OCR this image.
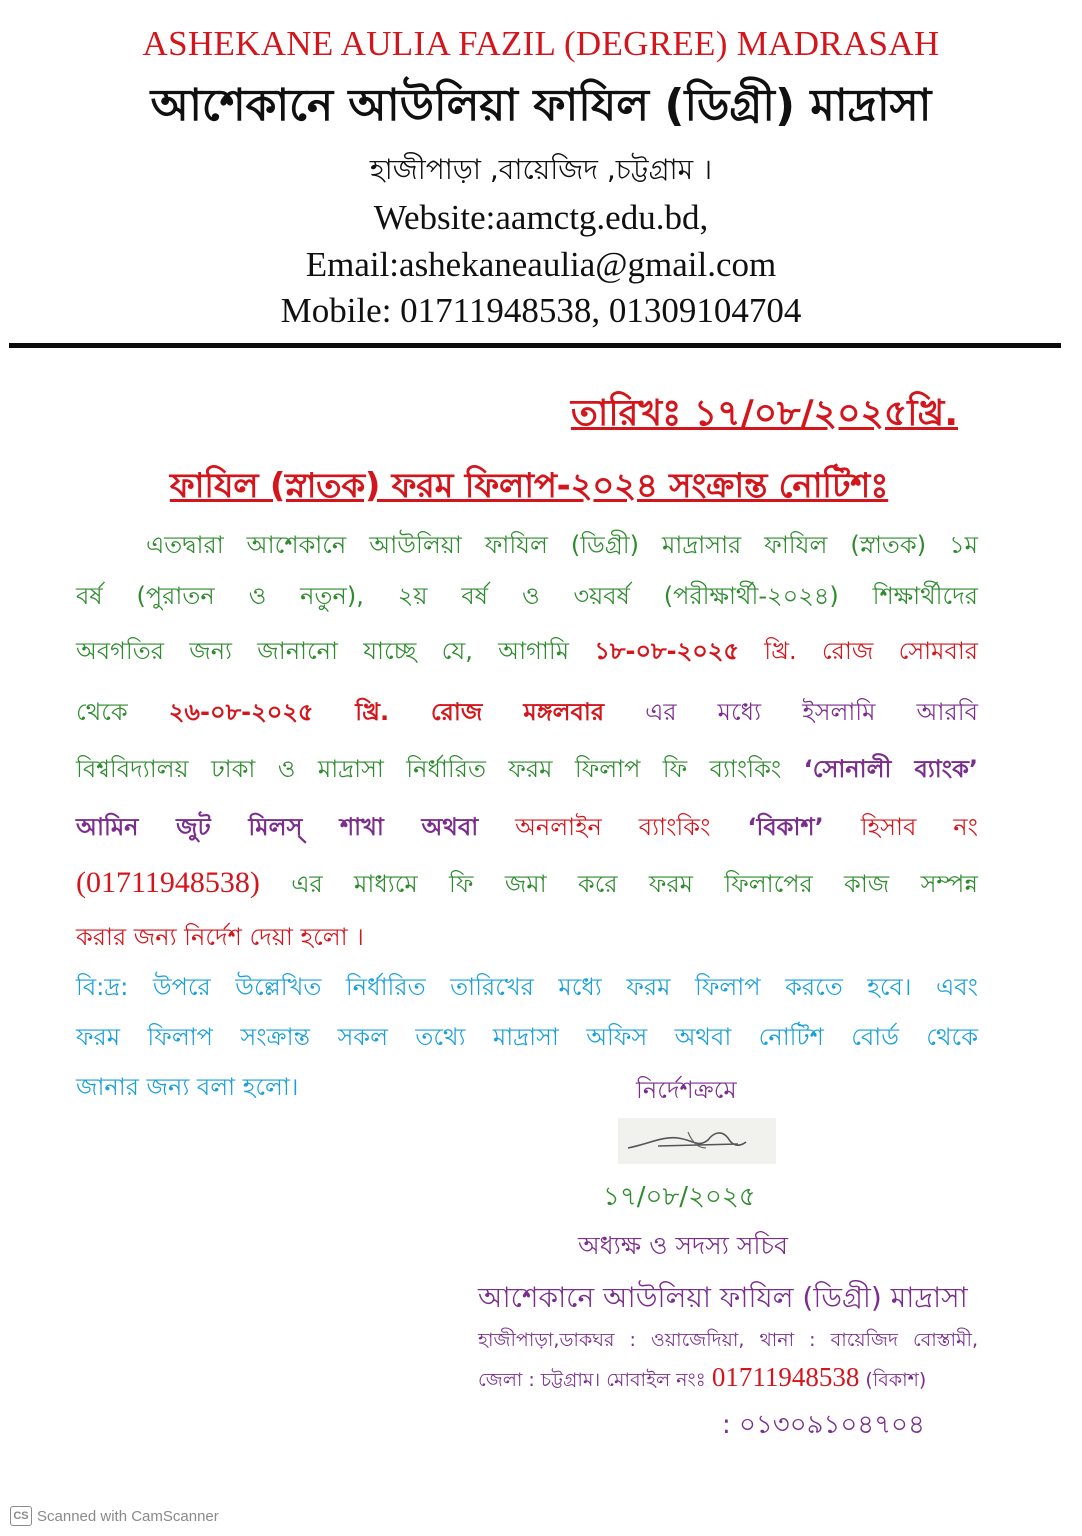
ASHEKANE AULIA FAZIL (DEGREE) MADRASAH
আশেকানে আউলিয়া ফাযিল (ডিগ্রী) মাদ্রাসা
হাজীপাড়া ,বায়েজিদ ,চট্টগ্রাম ।
Website:aamctg.edu.bd,
Email:ashekaneaulia@gmail.com
Mobile: 01711948538, 01309104704
তারিখঃ ১৭/০৮/২০২৫খ্রি.
ফাযিল (স্নাতক) ফরম ফিলাপ-২০২৪ সংক্রান্ত নোটিশঃ
এতদ্বারা আশেকানে আউলিয়া ফাযিল (ডিগ্রী) মাদ্রাসার ফাযিল (স্নাতক) ১ম
বর্ষ (পুরাতন ও নতুন), ২য় বর্ষ ও ৩য়বর্ষ (পরীক্ষার্থী-২০২৪) শিক্ষার্থীদের
অবগতির জন্য জানানো যাচ্ছে যে, আগামি ১৮-০৮-২০২৫ খ্রি. রোজ সোমবার
থেকে ২৬-০৮-২০২৫ খ্রি. রোজ মঙ্গলবার এর মধ্যে ইসলামি আরবি
বিশ্ববিদ্যালয় ঢাকা ও মাদ্রাসা নির্ধারিত ফরম ফিলাপ ফি ব্যাংকিং ‘সোনালী ব্যাংক’
আমিন জুট মিলস্ শাখা অথবা অনলাইন ব্যাংকিং ‘বিকাশ’ হিসাব নং
(01711948538) এর মাধ্যমে ফি জমা করে ফরম ফিলাপের কাজ সম্পন্ন
করার জন্য নির্দেশ দেয়া হলো ।
বি:দ্র: উপরে উল্লেখিত নির্ধারিত তারিখের মধ্যে ফরম ফিলাপ করতে হবে। এবং
ফরম ফিলাপ সংক্রান্ত সকল তথ্যে মাদ্রাসা অফিস অথবা নোটিশ বোর্ড থেকে
জানার জন্য বলা হলো।	নির্দেশক্রমে
১৭/০৮/২০২৫
অধ্যক্ষ ও সদস্য সচিব
আশেকানে আউলিয়া ফাযিল (ডিগ্রী) মাদ্রাসা
হাজীপাড়া,ডাকঘর : ওয়াজেদিয়া, থানা : বায়েজিদ বোস্তামী,
জেলা : চট্টগ্রাম। মোবাইল নংঃ 01711948538 (বিকাশ)
: ০১৩০৯১০৪৭০৪
CS Scanned with CamScanner
